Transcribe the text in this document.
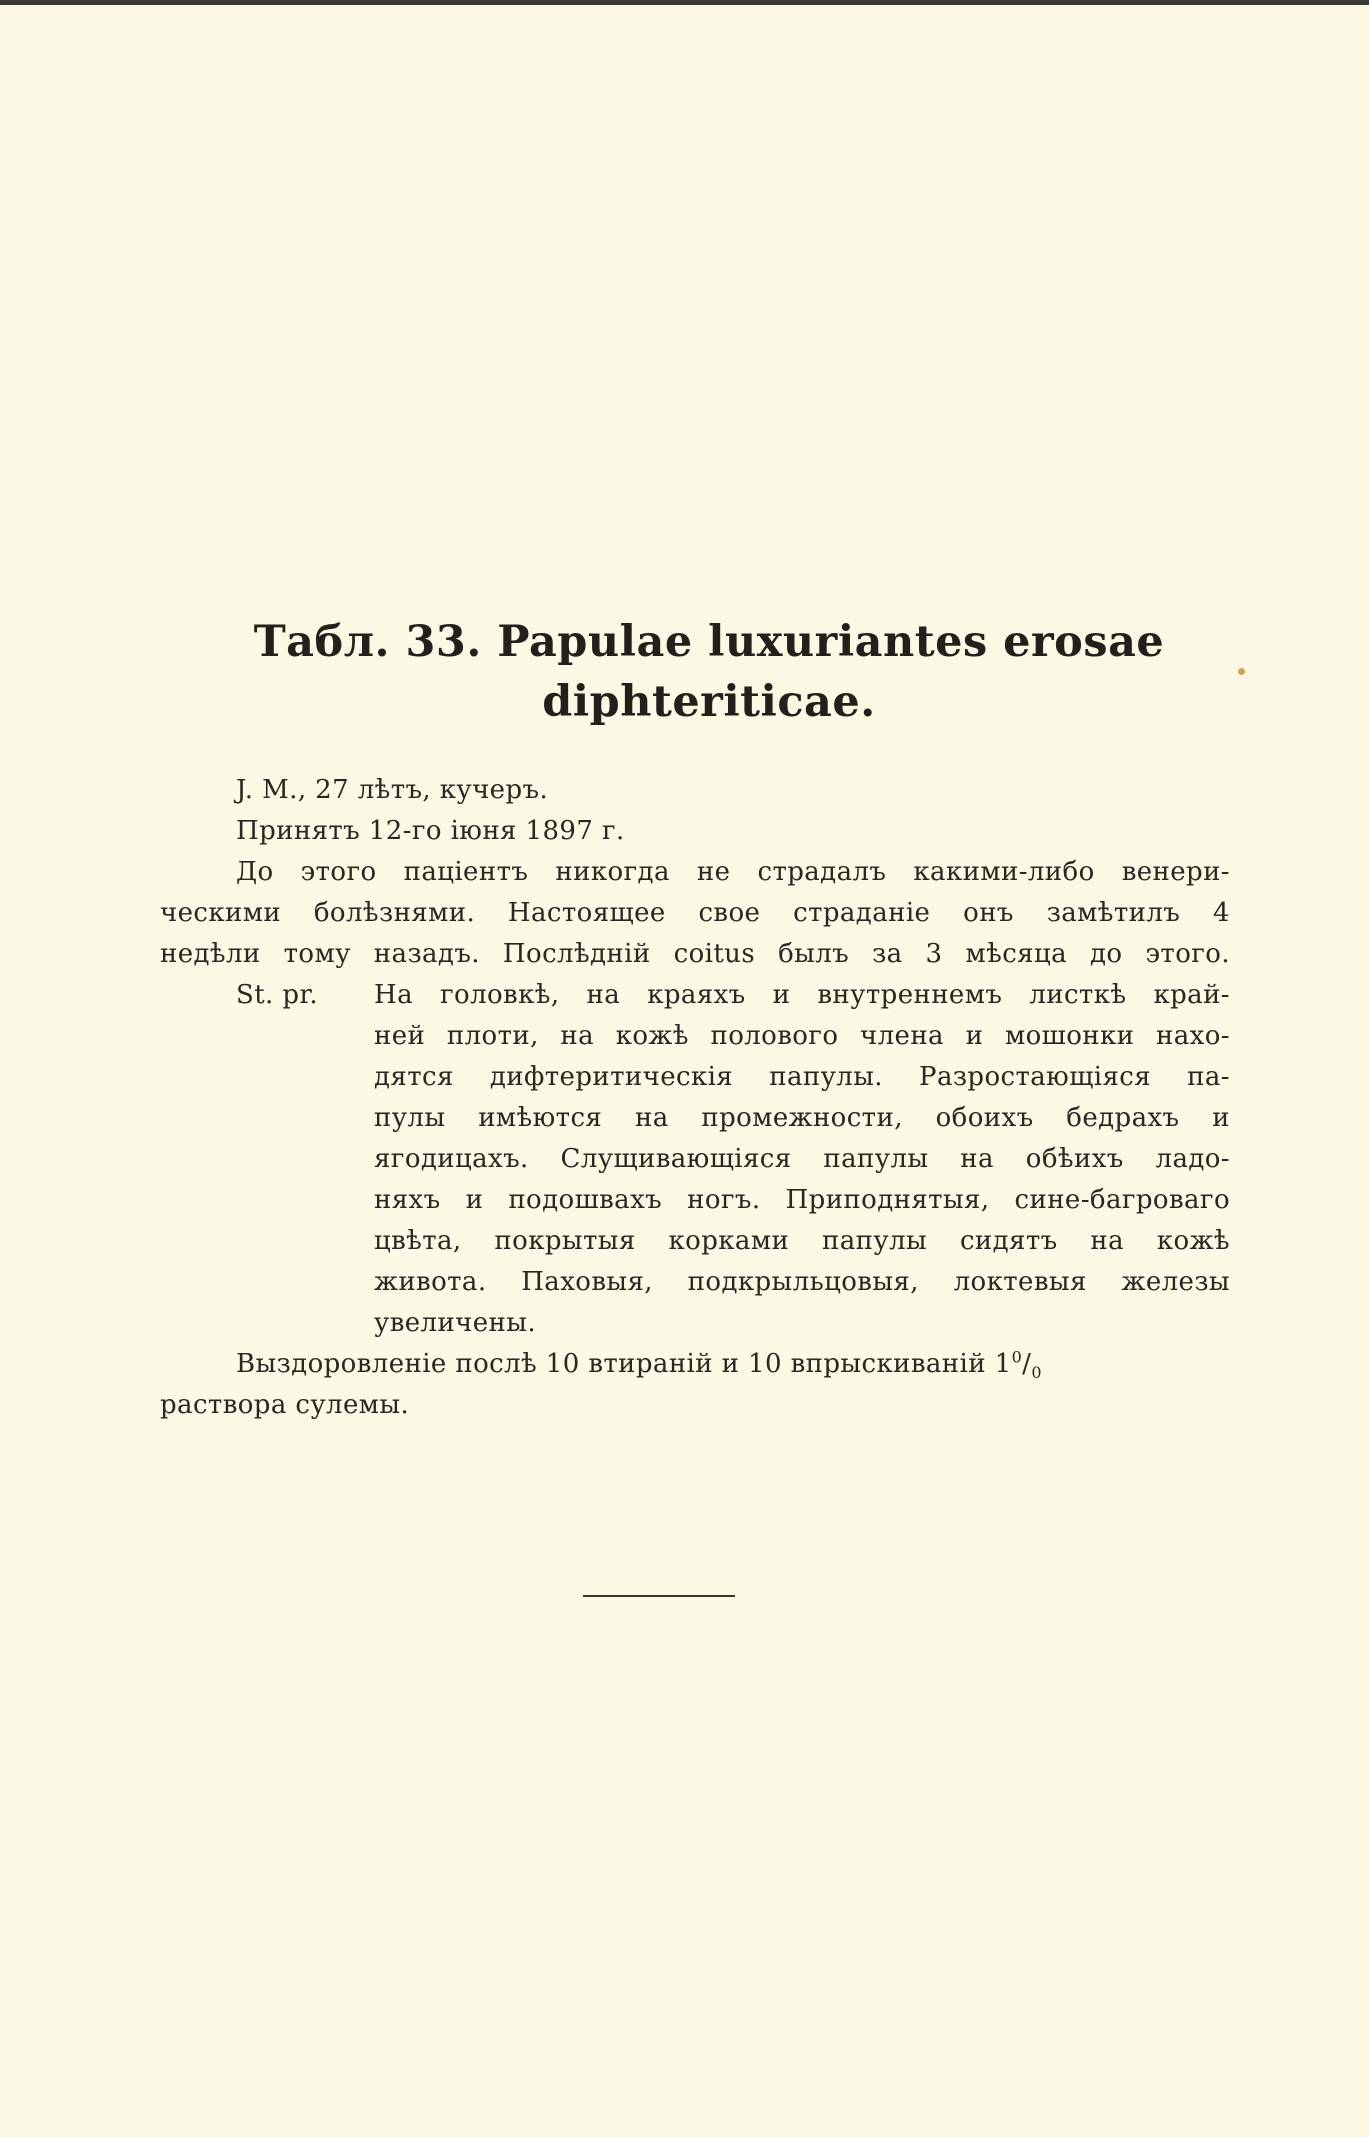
Табл. 33. Papulae luxuriantes erosae
diphteriticae.
J. M., 27 лѣтъ, кучеръ.
Принятъ 12-го іюня 1897 г.
До этого паціентъ никогда не страдалъ какими-либо венери-
ческими болѣзнями. Настоящее свое страданіе онъ замѣтилъ 4
недѣли тому назадъ. Послѣдній coitus былъ за 3 мѣсяца до этого.
St. pr.	На головкѣ, на краяхъ и внутреннемъ листкѣ край-
ней плоти, на кожѣ полового члена и мошонки нахо-
дятся дифтеритическія папулы. Разростающіяся па-
пулы имѣются на промежности, обоихъ бедрахъ и
ягодицахъ. Слущивающіяся папулы на обѣихъ ладо-
няхъ и подошвахъ ногъ. Приподнятыя, сине-багроваго
цвѣта, покрытыя корками папулы сидятъ на кожѣ
живота. Паховыя, подкрыльцовыя, локтевыя железы
увеличены.
Выздоровленіе послѣ 10 втираній и 10 впрыскиваній $1^0/_0$
раствора сулемы.
